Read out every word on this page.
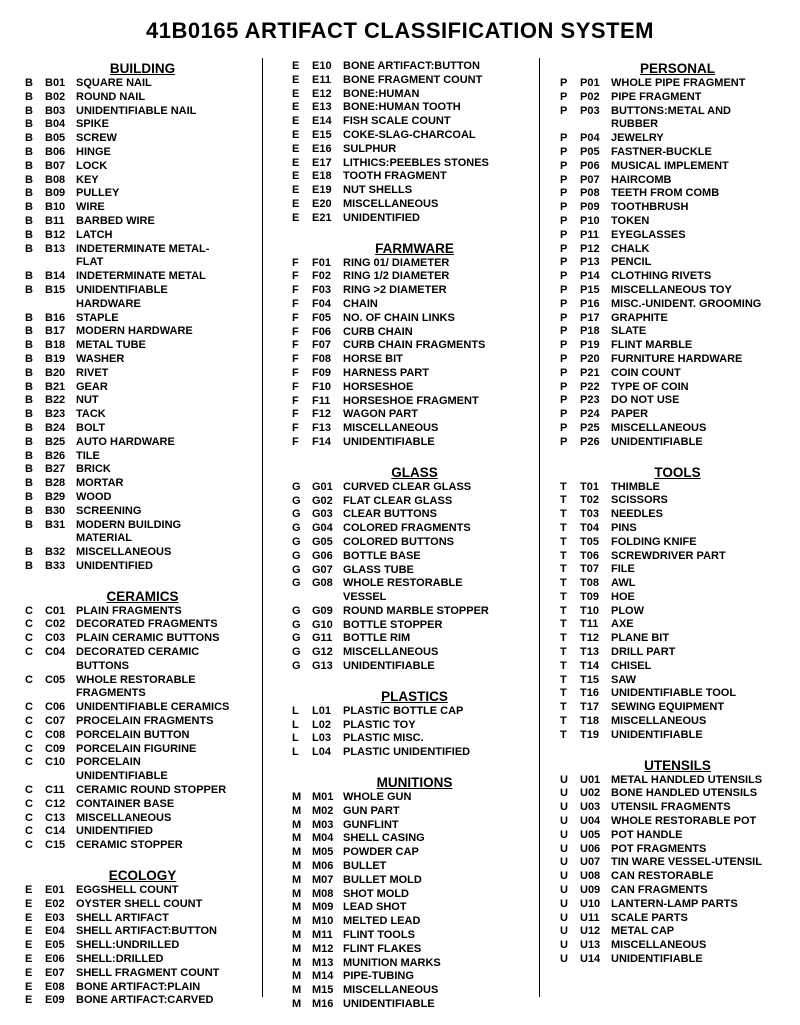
41B0165 ARTIFACT CLASSIFICATION SYSTEM
BUILDING
B	B01 SQUARE NAIL
B	B02 ROUND NAIL
B	B03 UNIDENTIFIABLE NAIL
B	B04 SPIKE
B	B05 SCREW
B	B06 HINGE
B	B07 LOCK
B	B08 KEY
B	B09 PULLEY
B	B10 WIRE
B	B11	BARBED WIRE
B	B12 LATCH
B	B13 INDETERMINATE METAL-
FLAT
B	B14 INDETERMINATE METAL
B	B15 UNIDENTIFIABLE
HARDWARE
B	B16 STAPLE
B	B17 MODERN HARDWARE
B	B18 METAL TUBE
B	B19 WASHER
B	B20 RIVET
B	B21 GEAR
B	B22 NUT
B	B23 TACK
B	B24 BOLT
B	B25 AUTO HARDWARE
B	B26 TILE
B	B27 BRICK
B	B28 MORTAR
B	B29 WOOD
B	B30 SCREENING
B	B31 MODERN BUILDING
MATERIAL
B	B32 MISCELLANEOUS
B	B33 UNIDENTIFIED
CERAMICS
C	C01 PLAIN FRAGMENTS
C	C02 DECORATED FRAGMENTS
C	C03 PLAIN CERAMIC BUTTONS
C	C04 DECORATED CERAMIC
BUTTONS
C	C05 WHOLE RESTORABLE
FRAGMENTS
C	C06 UNIDENTIFIABLE CERAMICS
C	C07 PROCELAIN FRAGMENTS
C	C08 PORCELAIN BUTTON
C	C09 PORCELAIN FIGURINE
C	C10 PORCELAIN
UNIDENTIFIABLE
C	C11	CERAMIC ROUND STOPPER
C	C12 CONTAINER BASE
C	C13 MISCELLANEOUS
C	C14 UNIDENTIFIED
C	C15 CERAMIC STOPPER
ECOLOGY
E	E01	EGGSHELL COUNT
E	E02	OYSTER SHELL COUNT
E	E03	SHELL ARTIFACT
E	E04	SHELL ARTIFACT:BUTTON
E	E05	SHELL:UNDRILLED
E	E06	SHELL:DRILLED
E	E07	SHELL FRAGMENT COUNT
E	E08	BONE ARTIFACT:PLAIN
E	E09	BONE ARTIFACT:CARVED
E	E10	BONE ARTIFACT:BUTTON
E	E11	BONE FRAGMENT COUNT
E	E12	BONE:HUMAN
E	E13	BONE:HUMAN TOOTH
E	E14	FISH SCALE COUNT
E	E15	COKE-SLAG-CHARCOAL
E	E16	SULPHUR
E	E17	LITHICS:PEEBLES STONES
E	E18	TOOTH FRAGMENT
E	E19	NUT SHELLS
E	E20	MISCELLANEOUS
E	E21	UNIDENTIFIED
FARMWARE
F	F01	RING 01/ DIAMETER
F	F02	RING 1/2 DIAMETER
F	F03	RING >2 DIAMETER
F	F04	CHAIN
F	F05	NO. OF CHAIN LINKS
F	F06	CURB CHAIN
F	F07	CURB CHAIN FRAGMENTS
F	F08	HORSE BIT
F	F09	HARNESS PART
F	F10	HORSESHOE
F	F11	HORSESHOE FRAGMENT
F	F12	WAGON PART
F	F13	MISCELLANEOUS
F	F14	UNIDENTIFIABLE
GLASS
G	G01 CURVED CLEAR GLASS
G	G02 FLAT CLEAR GLASS
G	G03 CLEAR BUTTONS
G	G04 COLORED FRAGMENTS
G	G05 COLORED BUTTONS
G	G06 BOTTLE BASE
G	G07 GLASS TUBE
G	G08 WHOLE RESTORABLE
VESSEL
G	G09 ROUND MARBLE STOPPER
G	G10 BOTTLE STOPPER
G	G11 BOTTLE RIM
G	G12 MISCELLANEOUS
G	G13 UNIDENTIFIABLE
PLASTICS
L	L01	PLASTIC BOTTLE CAP
L	L02	PLASTIC TOY
L	L03	PLASTIC MISC.
L	L04	PLASTIC UNIDENTIFIED
MUNITIONS
M M01 WHOLE GUN
M M02 GUN PART
M M03 GUNFLINT
M M04 SHELL CASING
M M05 POWDER CAP
M M06 BULLET
M M07 BULLET MOLD
M M08 SHOT MOLD
M M09 LEAD SHOT
M M10 MELTED LEAD
M M11 FLINT TOOLS
M M12 FLINT FLAKES
M M13 MUNITION MARKS
M M14 PIPE-TUBING
M M15 MISCELLANEOUS
M M16 UNIDENTIFIABLE
PERSONAL
P	P01	WHOLE PIPE FRAGMENT
P	P02	PIPE FRAGMENT
P	P03	BUTTONS:METAL AND
RUBBER
P	P04	JEWELRY
P	P05	FASTNER-BUCKLE
P	P06	MUSICAL IMPLEMENT
P	P07	HAIRCOMB
P	P08	TEETH FROM COMB
P	P09	TOOTHBRUSH
P	P10	TOKEN
P	P11	EYEGLASSES
P	P12	CHALK
P	P13	PENCIL
P	P14	CLOTHING RIVETS
P	P15	MISCELLANEOUS TOY
P	P16	MISC.-UNIDENT. GROOMING
P	P17	GRAPHITE
P	P18	SLATE
P	P19	FLINT MARBLE
P	P20	FURNITURE HARDWARE
P	P21	COIN COUNT
P	P22	TYPE OF COIN
P	P23	DO NOT USE
P	P24	PAPER
P	P25	MISCELLANEOUS
P	P26	UNIDENTIFIABLE
TOOLS
T	T01	THIMBLE
T	T02	SCISSORS
T	T03	NEEDLES
T	T04	PINS
T	T05	FOLDING KNIFE
T	T06	SCREWDRIVER PART
T	T07	FILE
T	T08	AWL
T	T09	HOE
T	T10	PLOW
T	T11	AXE
T	T12	PLANE BIT
T	T13	DRILL PART
T	T14	CHISEL
T	T15	SAW
T	T16	UNIDENTIFIABLE TOOL
T	T17	SEWING EQUIPMENT
T	T18	MISCELLANEOUS
T	T19	UNIDENTIFIABLE
UTENSILS
U	U01 METAL HANDLED UTENSILS
U	U02 BONE HANDLED UTENSILS
U	U03 UTENSIL FRAGMENTS
U	U04 WHOLE RESTORABLE POT
U	U05 POT HANDLE
U	U06 POT FRAGMENTS
U	U07 TIN WARE VESSEL-UTENSIL
U	U08 CAN RESTORABLE
U	U09 CAN FRAGMENTS
U	U10 LANTERN-LAMP PARTS
U	U11	SCALE PARTS
U	U12 METAL CAP
U	U13 MISCELLANEOUS
U	U14 UNIDENTIFIABLE
